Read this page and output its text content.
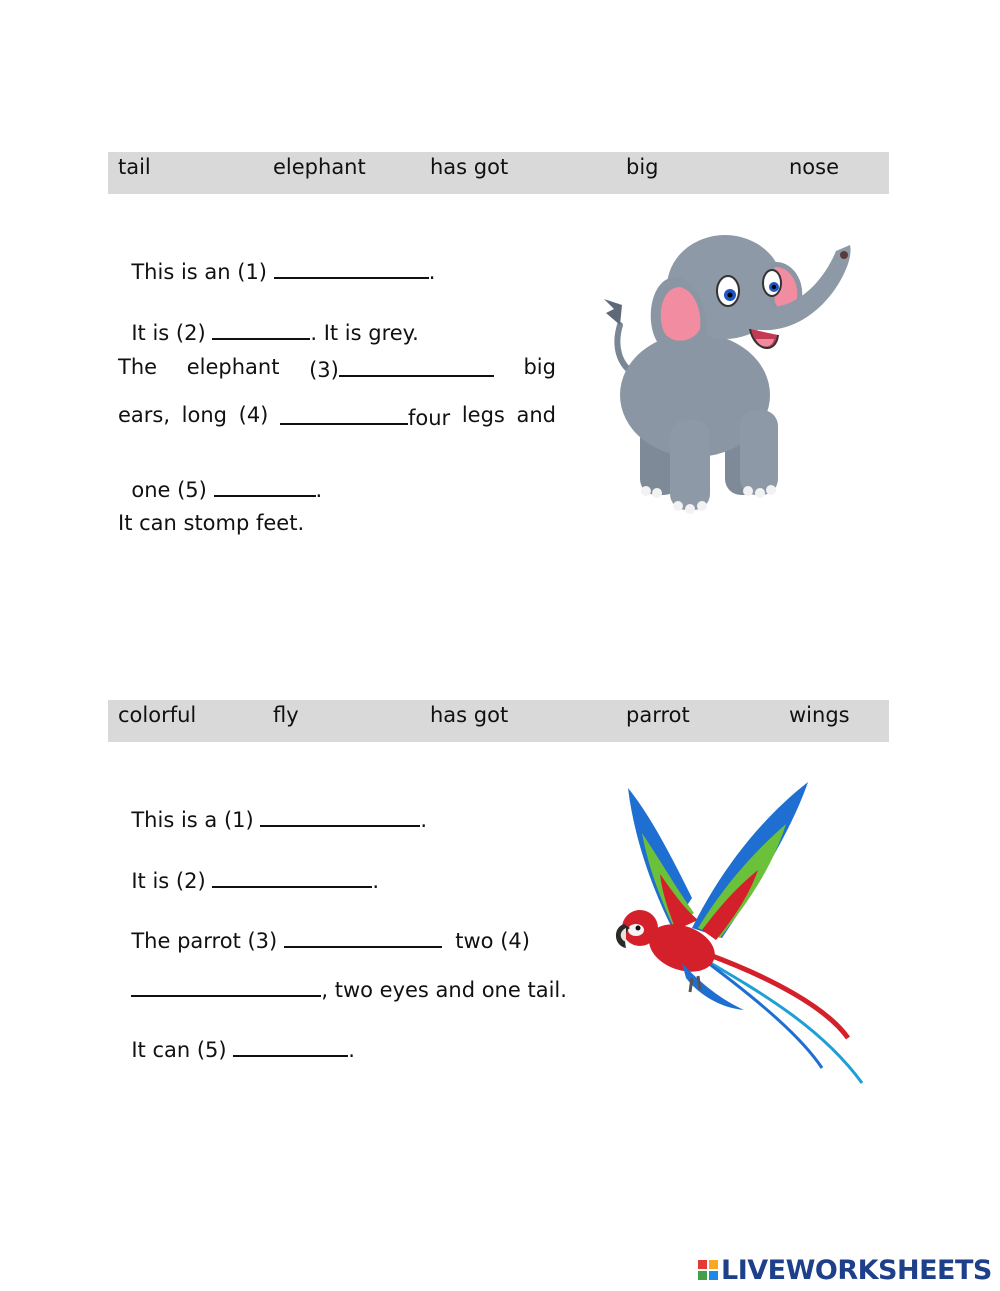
tail	elephant	has got	big	nose

This is an (1)	.

It is (2)	. It is grey.

The elephant (3)	big
ears, long (4)	four legs and

one (5)	.

It can stomp feet.
colorful	fly	has got	parrot	wings

This is a (1)	.

It is (2)	.

The parrot (3)	two (4)

, two eyes and one tail.

It can (5)	.

LIVEWORKSHEETS
